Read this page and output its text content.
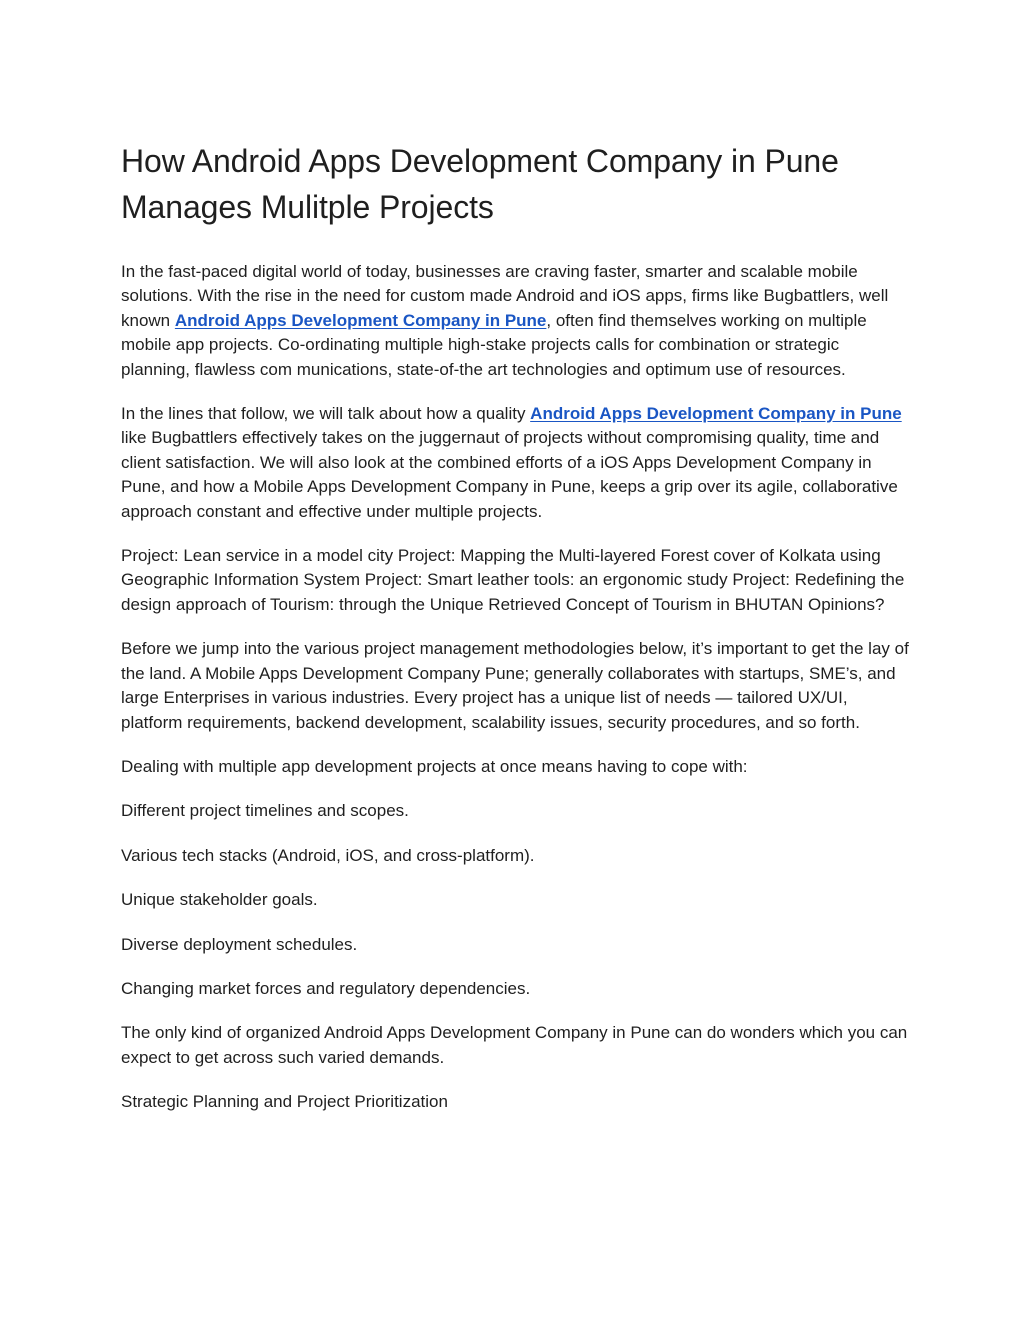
How Android Apps Development Company in Pune Manages Mulitple Projects

In the fast-paced digital world of today, businesses are craving faster, smarter and scalable mobile solutions. With the rise in the need for custom made Android and iOS apps, firms like Bugbattlers, well known Android Apps Development Company in Pune, often find themselves working on multiple mobile app projects. Co-ordinating multiple high-stake projects calls for combination or strategic planning, flawless com munications, state-of-the art technologies and optimum use of resources.

In the lines that follow, we will talk about how a quality Android Apps Development Company in Pune like Bugbattlers effectively takes on the juggernaut of projects without compromising quality, time and client satisfaction. We will also look at the combined efforts of a iOS Apps Development Company in Pune, and how a Mobile Apps Development Company in Pune, keeps a grip over its agile, collaborative approach constant and effective under multiple projects.

Project: Lean service in a model city Project: Mapping the Multi-layered Forest cover of Kolkata using Geographic Information System Project: Smart leather tools: an ergonomic study Project: Redefining the design approach of Tourism: through the Unique Retrieved Concept of Tourism in BHUTAN Opinions?

Before we jump into the various project management methodologies below, it’s important to get the lay of the land. A Mobile Apps Development Company Pune; generally collaborates with startups, SME’s, and large Enterprises in various industries. Every project has a unique list of needs — tailored UX/UI, platform requirements, backend development, scalability issues, security procedures, and so forth.

Dealing with multiple app development projects at once means having to cope with:

Different project timelines and scopes.

Various tech stacks (Android, iOS, and cross-platform).

Unique stakeholder goals.

Diverse deployment schedules.

Changing market forces and regulatory dependencies.

The only kind of organized Android Apps Development Company in Pune can do wonders which you can expect to get across such varied demands.

Strategic Planning and Project Prioritization
